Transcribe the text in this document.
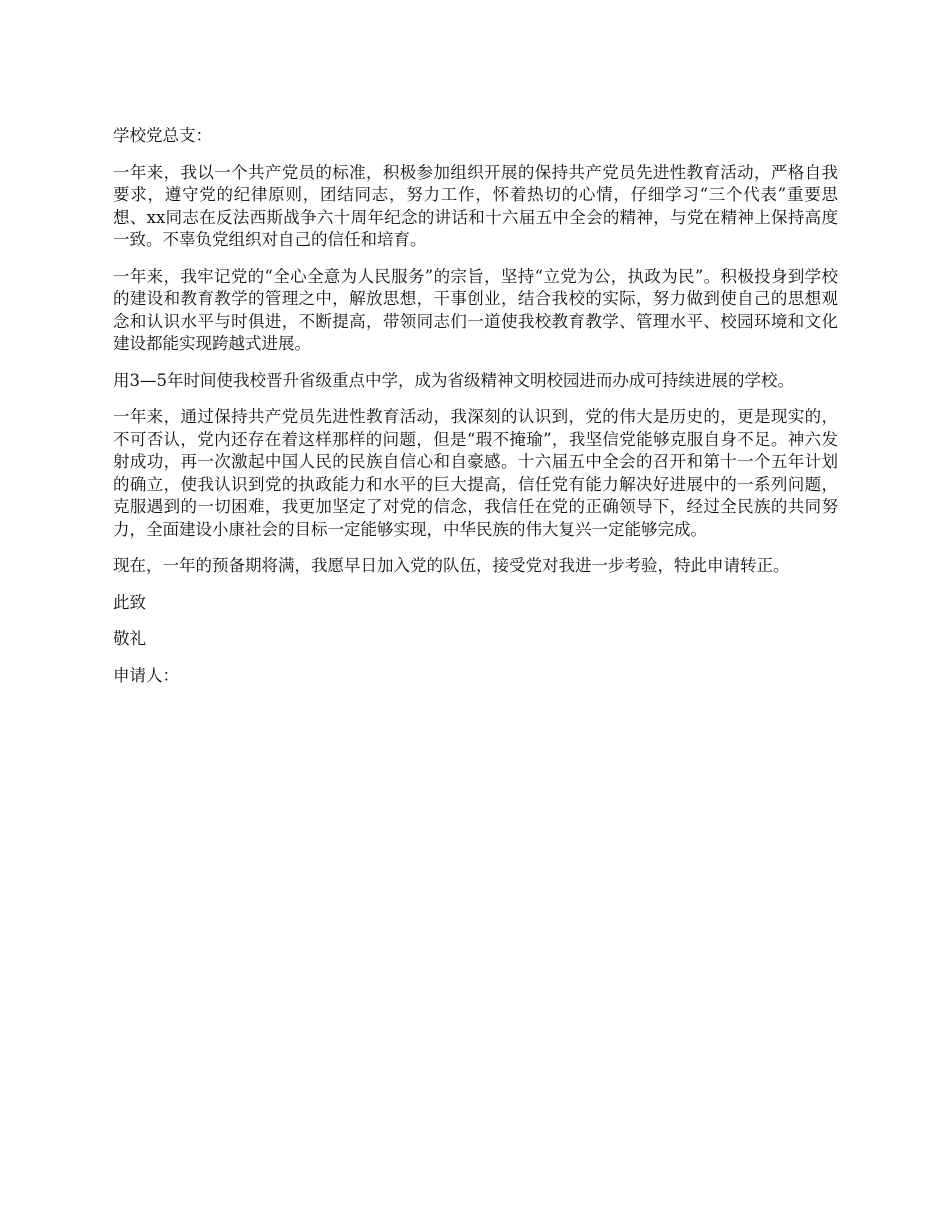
学校党总支：

一年来，我以一个共产党员的标准，积极参加组织开展的保持共产党员先进性教育活动，严格自我要求，遵守党的纪律原则，团结同志，努力工作，怀着热切的心情，仔细学习“三个代表”重要思想、xx同志在反法西斯战争六十周年纪念的讲话和十六届五中全会的精神，与党在精神上保持高度一致。不辜负党组织对自己的信任和培育。

一年来，我牢记党的“全心全意为人民服务”的宗旨，坚持“立党为公，执政为民”。积极投身到学校的建设和教育教学的管理之中，解放思想，干事创业，结合我校的实际，努力做到使自己的思想观念和认识水平与时俱进，不断提高，带领同志们一道使我校教育教学、管理水平、校园环境和文化建设都能实现跨越式进展。

用3—5年时间使我校晋升省级重点中学，成为省级精神文明校园进而办成可持续进展的学校。

一年来，通过保持共产党员先进性教育活动，我深刻的认识到，党的伟大是历史的，更是现实的，不可否认，党内还存在着这样那样的问题，但是“瑕不掩瑜”，我坚信党能够克服自身不足。神六发射成功，再一次激起中国人民的民族自信心和自豪感。十六届五中全会的召开和第十一个五年计划的确立，使我认识到党的执政能力和水平的巨大提高，信任党有能力解决好进展中的一系列问题，克服遇到的一切困难，我更加坚定了对党的信念，我信任在党的正确领导下，经过全民族的共同努力，全面建设小康社会的目标一定能够实现，中华民族的伟大复兴一定能够完成。

现在，一年的预备期将满，我愿早日加入党的队伍，接受党对我进一步考验，特此申请转正。

此致

敬礼

申请人：
